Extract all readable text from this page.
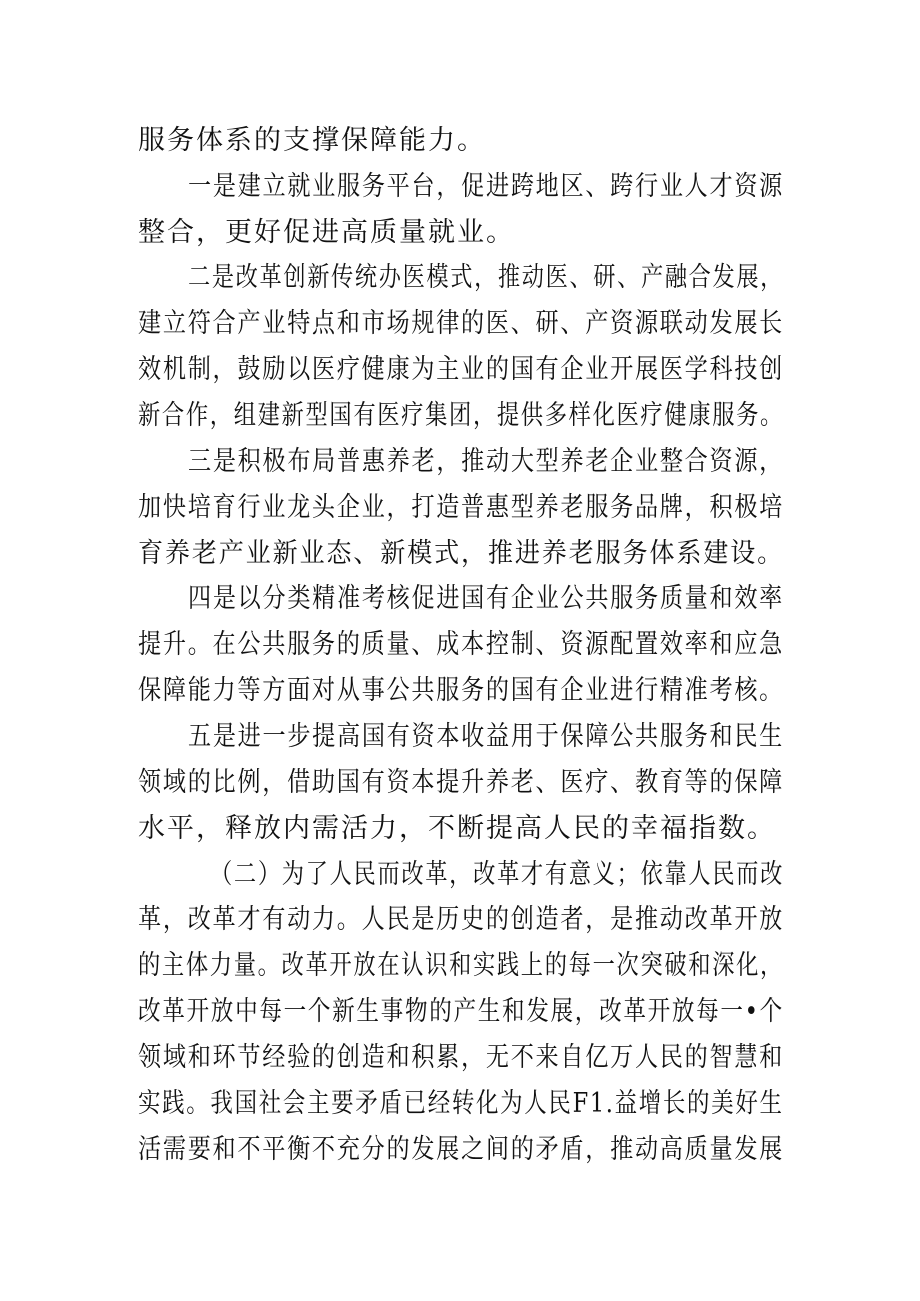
服务体系的支撑保障能力。

一是建立就业服务平台，促进跨地区、跨行业人才资源

整合，更好促进高质量就业。

二是改革创新传统办医模式，推动医、研、产融合发展，

建立符合产业特点和市场规律的医、研、产资源联动发展长

效机制，鼓励以医疗健康为主业的国有企业开展医学科技创

新合作，组建新型国有医疗集团，提供多样化医疗健康服务。

三是积极布局普惠养老，推动大型养老企业整合资源，

加快培育行业龙头企业，打造普惠型养老服务品牌，积极培

育养老产业新业态、新模式，推进养老服务体系建设。

四是以分类精准考核促进国有企业公共服务质量和效率

提升。在公共服务的质量、成本控制、资源配置效率和应急

保障能力等方面对从事公共服务的国有企业进行精准考核。

五是进一步提高国有资本收益用于保障公共服务和民生

领域的比例，借助国有资本提升养老、医疗、教育等的保障

水平，释放内需活力，不断提高人民的幸福指数。

（二）为了人民而改革，改革才有意义；依靠人民而改

革，改革才有动力。人民是历史的创造者，是推动改革开放

的主体力量。改革开放在认识和实践上的每一次突破和深化，

改革开放中每一个新生事物的产生和发展，改革开放每一•个

领域和环节经验的创造和积累，无不来自亿万人民的智慧和

实践。我国社会主要矛盾已经转化为人民F1.益增长的美好生

活需要和不平衡不充分的发展之间的矛盾，推动高质量发展
